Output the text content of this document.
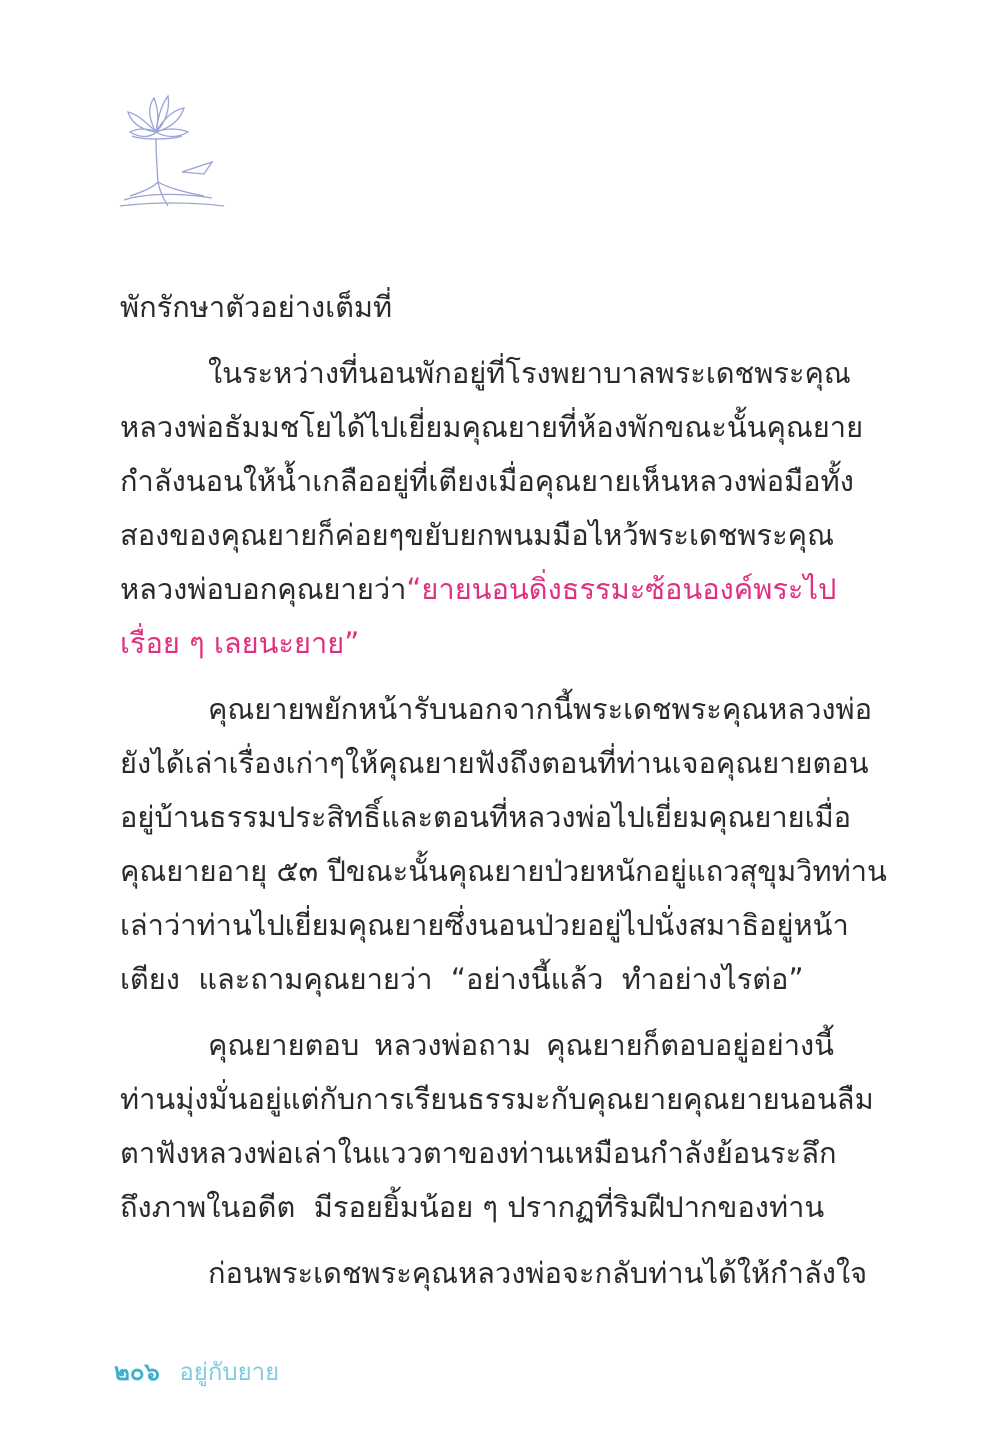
พักรักษาตัวอย่างเต็มที่
ในระหว่างที่นอนพักอยู่ที่โรงพยาบาล พระเดชพระคุณ
หลวงพ่อธัมมชโยได้ไปเยี่ยมคุณยายที่ห้องพัก ขณะนั้นคุณยาย
กำลังนอนให้น้ำเกลืออยู่ที่เตียง เมื่อคุณยายเห็นหลวงพ่อ มือทั้ง
สองของคุณยายก็ค่อย ๆ ขยับยกพนมมือไหว้ พระเดชพระคุณ
หลวงพ่อบอกคุณยายว่า “ยายนอนดิ่งธรรมะ ซ้อนองค์พระไป
เรื่อย ๆ เลยนะยาย”
คุณยายพยักหน้ารับ นอกจากนี้พระเดชพระคุณหลวงพ่อ
ยังได้เล่าเรื่องเก่า ๆ ให้คุณยายฟังถึงตอนที่ท่านเจอคุณยายตอน
อยู่บ้านธรรมประสิทธิ์ และตอนที่หลวงพ่อไปเยี่ยมคุณยาย เมื่อ
คุณยายอายุ ๕๓ ปี ขณะนั้นคุณยายป่วยหนักอยู่แถวสุขุมวิท ท่าน
เล่าว่า ท่านไปเยี่ยมคุณยายซึ่งนอนป่วยอยู่ ไปนั่งสมาธิอยู่หน้า
เตียง
และถามคุณยายว่า
“อย่างนี้แล้ว
ทำอย่างไรต่อ”
คุณยายตอบ หลวงพ่อถาม คุณยายก็ตอบอยู่อย่างนี้
ท่านมุ่งมั่นอยู่แต่กับการเรียนธรรมะกับคุณยาย คุณยายนอนลืม
ตาฟังหลวงพ่อเล่า ในแววตาของท่านเหมือนกำลังย้อนระลึก
ถึงภาพในอดีต
มีรอยยิ้มน้อย ๆ ปรากฏที่ริมฝีปากของท่าน
ก่อนพระเดชพระคุณหลวงพ่อจะกลับ ท่านได้ให้กำลังใจ
๒๐๖ อยู่กับยาย
